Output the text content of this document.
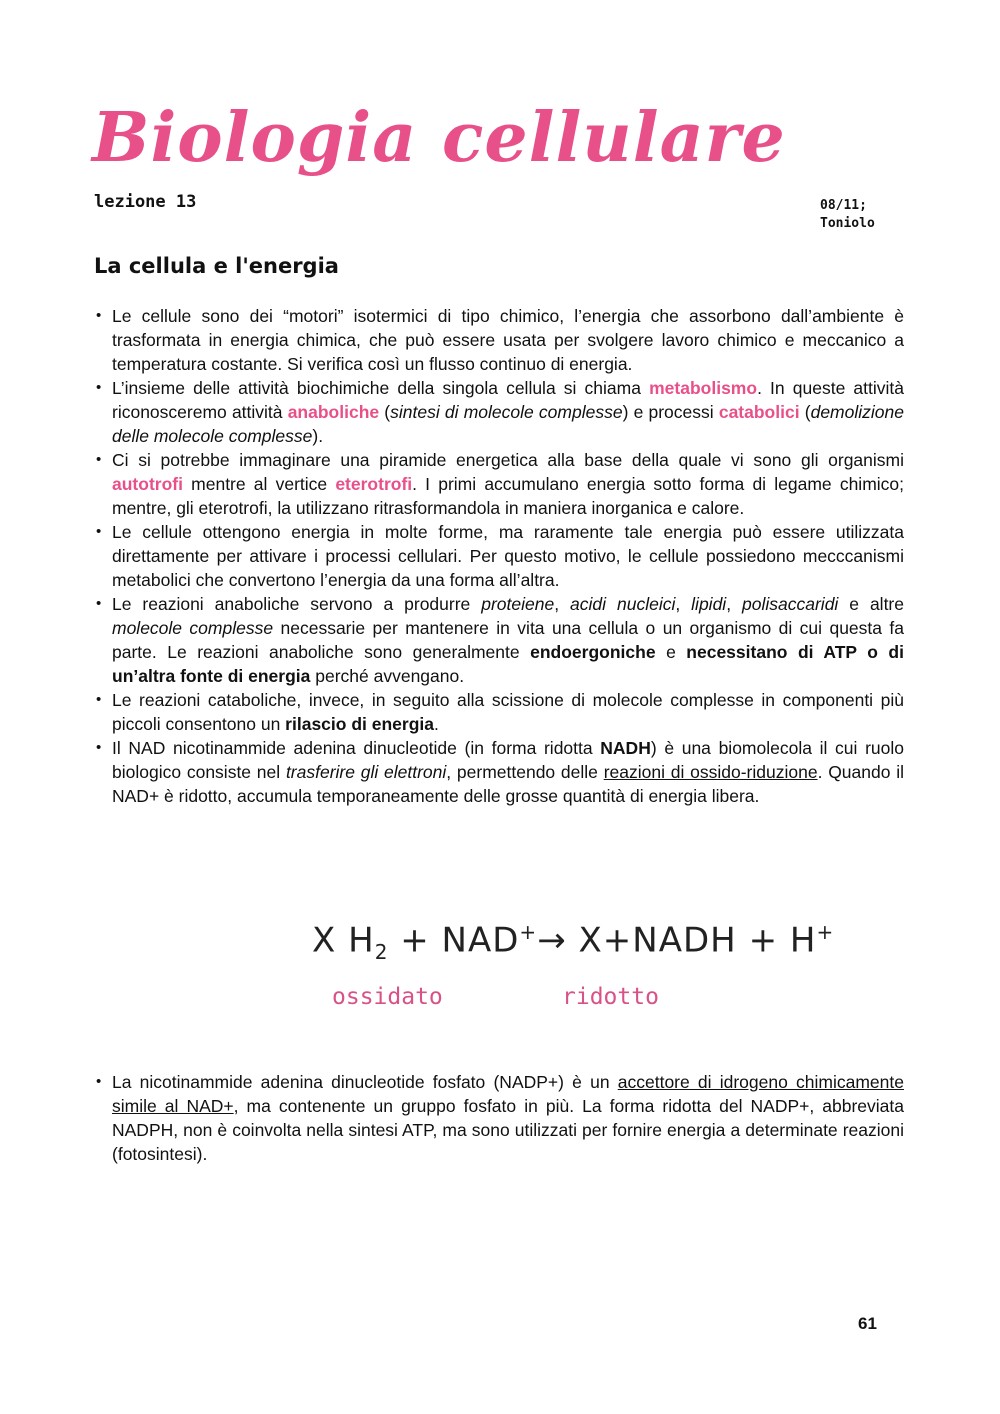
Biologia cellulare
lezione 13	08/11;
Toniolo
La cellula e l'energia
• Le cellule sono dei “motori” isotermici di tipo chimico, l’energia che assorbono dall’ambiente è trasformata in energia chimica, che può essere usata per svolgere lavoro chimico e meccanico a temperatura costante. Si verifica così un flusso continuo di energia.
• L’insieme delle attività biochimiche della singola cellula si chiama metabolismo. In queste attività riconosceremo attività anaboliche (sintesi di molecole complesse) e processi catabolici (demolizione delle molecole complesse).
• Ci si potrebbe immaginare una piramide energetica alla base della quale vi sono gli organismi autotrofi mentre al vertice eterotrofi. I primi accumulano energia sotto forma di legame chimico; mentre, gli eterotrofi, la utilizzano ritrasformandola in maniera inorganica e calore.
• Le cellule ottengono energia in molte forme, ma raramente tale energia può essere utilizzata direttamente per attivare i processi cellulari. Per questo motivo, le cellule possiedono mecccanismi metabolici che convertono l’energia da una forma all’altra.
• Le reazioni anaboliche servono a produrre proteiene, acidi nucleici, lipidi, polisaccaridi e altre molecole complesse necessarie per mantenere in vita una cellula o un organismo di cui questa fa parte. Le reazioni anaboliche sono generalmente endoergoniche e necessitano di ATP o di un’altra fonte di energia perché avvengano.
• Le reazioni cataboliche, invece, in seguito alla scissione di molecole complesse in componenti più piccoli consentono un rilascio di energia.
• Il NAD nicotinammide adenina dinucleotide (in forma ridotta NADH) è una biomolecola il cui ruolo biologico consiste nel trasferire gli elettroni, permettendo delle reazioni di ossido-riduzione. Quando il NAD+ è ridotto, accumula temporaneamente delle grosse quantità di energia libera.
X $H_2 + NAD^+\to$ X+NADH + H+
ossidato	ridotto
• La nicotinammide adenina dinucleotide fosfato (NADP+) è un accettore di idrogeno chimicamente simile al NAD+, ma contenente un gruppo fosfato in più. La forma ridotta del NADP+, abbreviata NADPH, non è coinvolta nella sintesi ATP, ma sono utilizzati per fornire energia a determinate reazioni (fotosintesi).
61
